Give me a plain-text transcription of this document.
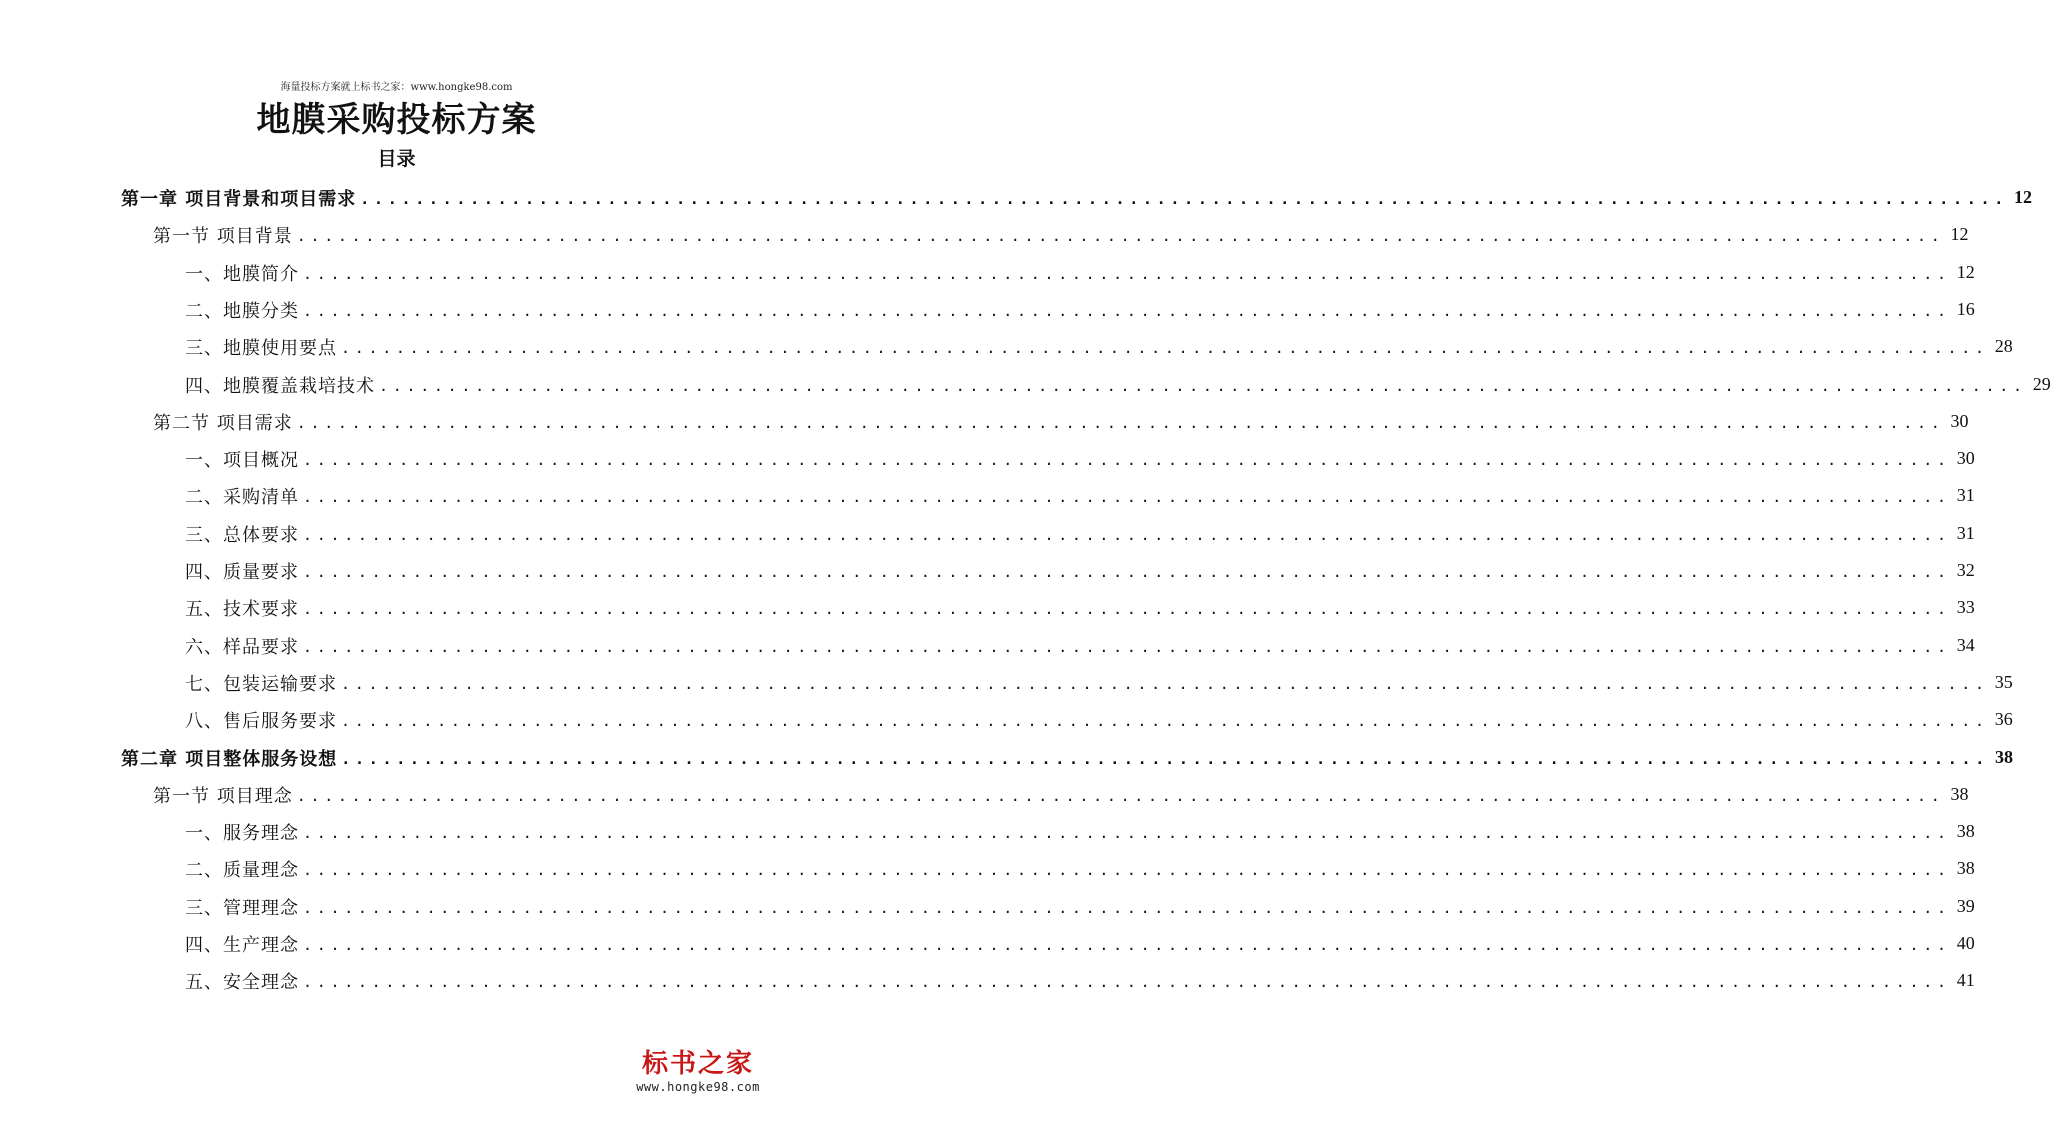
海量投标方案就上标书之家：www.hongke98.com
地膜采购投标方案
目录
第一章 项目背景和项目需求 ........................................................................................................................ 12
第一节 项目背景 ........................................................................................................................ 12
一、地膜简介 ........................................................................................................................ 12
二、地膜分类 ........................................................................................................................ 16
三、地膜使用要点 ........................................................................................................................ 28
四、地膜覆盖栽培技术 ........................................................................................................................ 29
第二节 项目需求 ........................................................................................................................ 30
一、项目概况 ........................................................................................................................ 30
二、采购清单 ........................................................................................................................ 31
三、总体要求 ........................................................................................................................ 31
四、质量要求 ........................................................................................................................ 32
五、技术要求 ........................................................................................................................ 33
六、样品要求 ........................................................................................................................ 34
七、包装运输要求 ........................................................................................................................ 35
八、售后服务要求 ........................................................................................................................ 36
第二章 项目整体服务设想 ........................................................................................................................ 38
第一节 项目理念 ........................................................................................................................ 38
一、服务理念 ........................................................................................................................ 38
二、质量理念 ........................................................................................................................ 38
三、管理理念 ........................................................................................................................ 39
四、生产理念 ........................................................................................................................ 40
五、安全理念 ........................................................................................................................ 41
标书之家
www.hongke98.com
